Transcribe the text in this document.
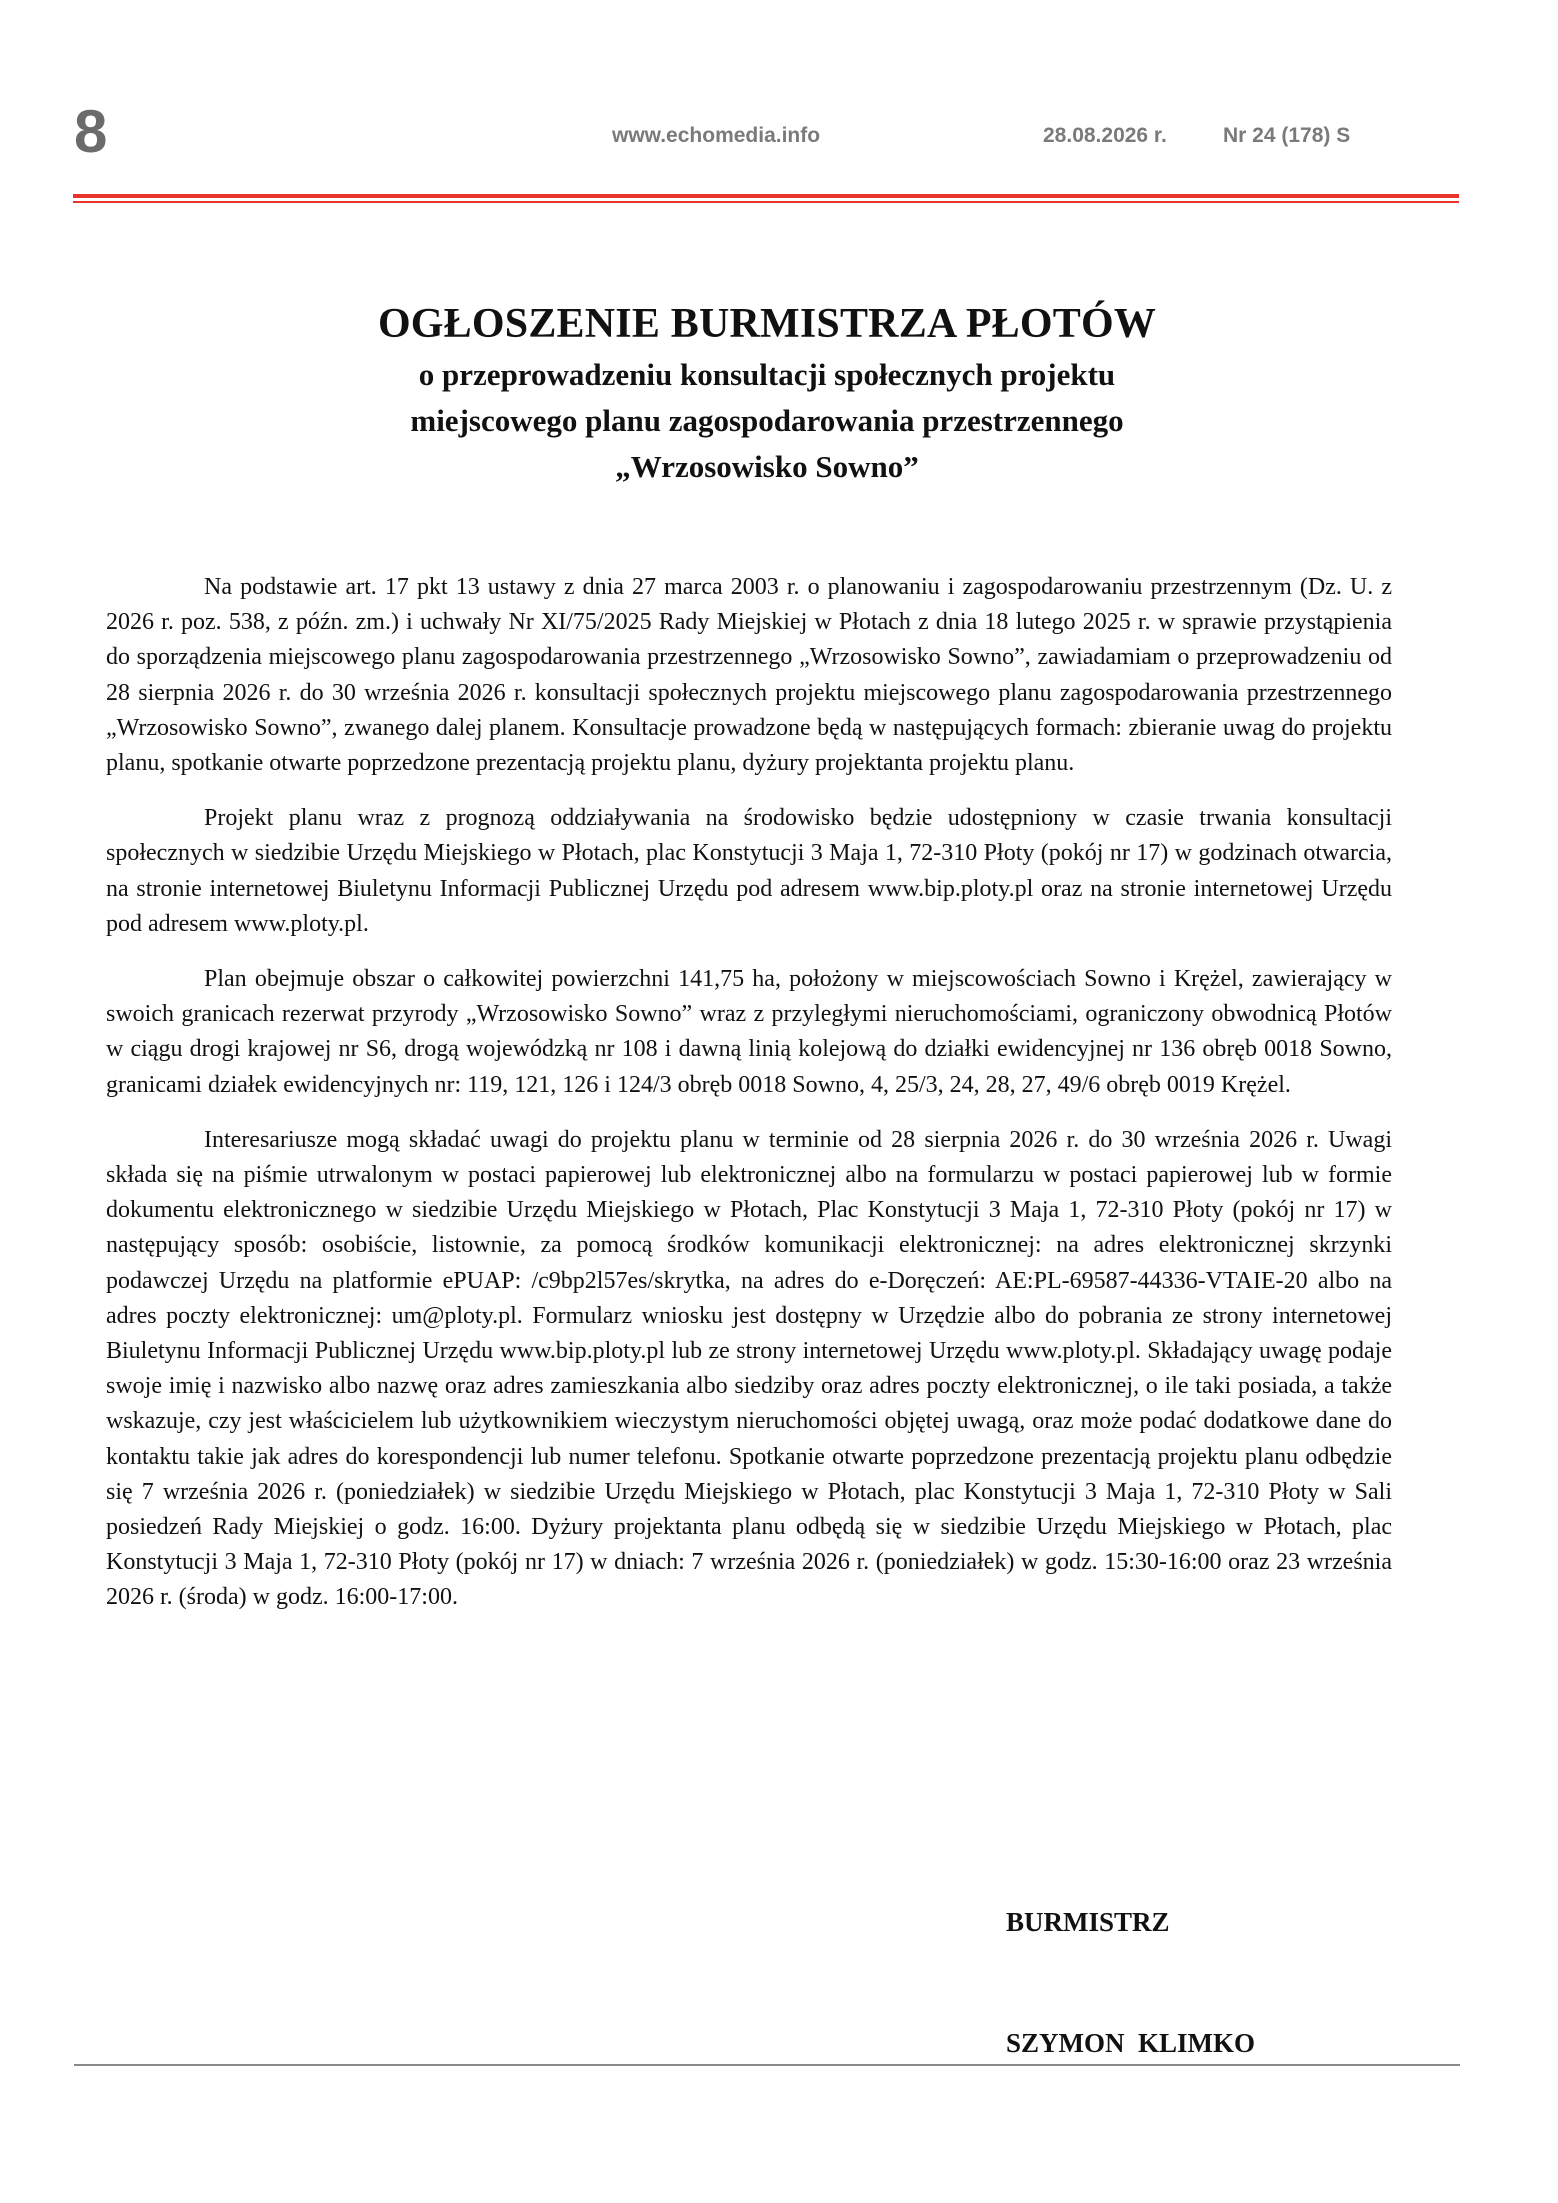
8	www.echomedia.info	28.08.2026 r.	Nr 24 (178) S
OGŁOSZENIE BURMISTRZA PŁOTÓW
o przeprowadzeniu konsultacji społecznych projektu
miejscowego planu zagospodarowania przestrzennego
„Wrzosowisko Sowno”

Na podstawie art. 17 pkt 13 ustawy z dnia 27 marca 2003 r. o planowaniu i zagospodarowaniu przestrzennym (Dz. U. z 2026 r. poz. 538, z późn. zm.) i uchwały Nr XI/75/2025 Rady Miejskiej w Płotach z dnia 18 lutego 2025 r. w sprawie przystąpienia do sporządzenia miejscowego planu zagospodarowania przestrzennego „Wrzosowisko Sowno”, zawiadamiam o przeprowadzeniu od 28 sierpnia 2026 r. do 30 września 2026 r. konsultacji społecznych projektu miejscowego planu zagospodarowania przestrzennego „Wrzosowisko Sowno”, zwanego dalej planem. Konsultacje prowadzone będą w następujących formach: zbieranie uwag do projektu planu, spotkanie otwarte poprzedzone prezentacją projektu planu, dyżury projektanta projektu planu.

Projekt planu wraz z prognozą oddziaływania na środowisko będzie udostępniony w czasie trwania konsultacji społecznych w siedzibie Urzędu Miejskiego w Płotach, plac Konstytucji 3 Maja 1, 72-310 Płoty (pokój nr 17) w godzinach otwarcia, na stronie internetowej Biuletynu Informacji Publicznej Urzędu pod adresem www.bip.ploty.pl oraz na stronie internetowej Urzędu pod adresem www.ploty.pl.

Plan obejmuje obszar o całkowitej powierzchni 141,75 ha, położony w miejscowościach Sowno i Krężel, zawierający w swoich granicach rezerwat przyrody „Wrzosowisko Sowno” wraz z przyległymi nieruchomościami, ograniczony obwodnicą Płotów w ciągu drogi krajowej nr S6, drogą wojewódzką nr 108 i dawną linią kolejową do działki ewidencyjnej nr 136 obręb 0018 Sowno, granicami działek ewidencyjnych nr: 119, 121, 126 i 124/3 obręb 0018 Sowno, 4, 25/3, 24, 28, 27, 49/6 obręb 0019 Krężel.

Interesariusze mogą składać uwagi do projektu planu w terminie od 28 sierpnia 2026 r. do 30 września 2026 r. Uwagi składa się na piśmie utrwalonym w postaci papierowej lub elektronicznej albo na formularzu w postaci papierowej lub w formie dokumentu elektronicznego w siedzibie Urzędu Miejskiego w Płotach, Plac Konstytucji 3 Maja 1, 72-310 Płoty (pokój nr 17) w następujący sposób: osobiście, listownie, za pomocą środków komunikacji elektronicznej: na adres elektronicznej skrzynki podawczej Urzędu na platformie ePUAP: /c9bp2l57es/skrytka, na adres do e-Doręczeń: AE:PL-69587-44336-VTAIE-20 albo na adres poczty elektronicznej: um@ploty.pl. Formularz wniosku jest dostępny w Urzędzie albo do pobrania ze strony internetowej Biuletynu Informacji Publicznej Urzędu www.bip.ploty.pl lub ze strony internetowej Urzędu www.ploty.pl. Składający uwagę podaje swoje imię i nazwisko albo nazwę oraz adres zamieszkania albo siedziby oraz adres poczty elektronicznej, o ile taki posiada, a także wskazuje, czy jest właścicielem lub użytkownikiem wieczystym nieruchomości objętej uwagą, oraz może podać dodatkowe dane do kontaktu takie jak adres do korespondencji lub numer telefonu. Spotkanie otwarte poprzedzone prezentacją projektu planu odbędzie się 7 września 2026 r. (poniedziałek) w siedzibie Urzędu Miejskiego w Płotach, plac Konstytucji 3 Maja 1, 72-310 Płoty w Sali posiedzeń Rady Miejskiej o godz. 16:00. Dyżury projektanta planu odbędą się w siedzibie Urzędu Miejskiego w Płotach, plac Konstytucji 3 Maja 1, 72-310 Płoty (pokój nr 17) w dniach: 7 września 2026 r. (poniedziałek) w godz. 15:30-16:00 oraz 23 września 2026 r. (środa) w godz. 16:00-17:00.

BURMISTRZ

SZYMON  KLIMKO
